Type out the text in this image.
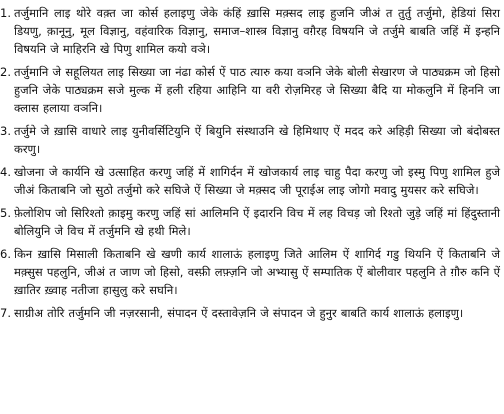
1. तर्जुमानि लाइ थोरे वक़्त जा कोर्स हलाइणु जेके कंहिं ख़ासि मक़्सद लाइ हुजनि जीअं त तुर्तु तर्जुमो, हेडियां सिरा डियणु, क़ानूनु, मूल विज्ञानु, वहंवारिक विज्ञानु, समाज–शास्त्र विज्ञानु वग़ैरह विषयनि जे तर्जुमे बाबति जहिं में इन्हनि विषयनि जे माहिरनि खे पिणु शामिल कयो वञे।
2. तर्जुमानि जे सहूलियत लाइ सिख्या जा नंढा कोर्स ऐं पाठ त्यारु कया वञनि जेके बोली सेखारण जे पाठ्यक्रम जो हिसो हुजनि जेके पाठ्यक्रम सजे मुल्क में हली रहिया आहिनि या वरी रोज़मिरह जे सिख्या बैदि या मोकलुनि में हिननि जा क्लास हलाया वञनि।
3. तर्जुमे जे ख़ासि वाधारे लाइ युनीवर्सिटियुनि ऐं बियुनि संस्थाउनि खे हिमिथाए ऐं मदद करे अहिड़ी सिख्या जो बंदोबस्त करणु।
4. खोजना जे कार्यनि खे उत्साहित करणु जहिं में शागिर्दन में खोजकार्य लाइ चाहु पैदा करणु जो इस्मु पिणु शामिल हुजे जीअं किताबनि जो सुठो तर्जुमो करे सघिजे ऐं सिख्या जे मक़्सद जी पूराईअ लाइ जोगो मवादु मुयसर करे सघिजे।
5. फ़ेलोशिप जो सिरिश्तो क़ाइमु करणु जहिं सां आलिमनि ऐं इदारनि विच में लह विचड़ जो रिश्तो जुड़े जहिं मां हिंदुस्तानी बोलियुनि जे विच में तर्जुमनि खे हथी मिले।
6. किन ख़ासि मिसाली किताबनि खे खणी कार्य शालाऊं हलाइणु जिते आलिम ऐं शागिर्द गडु थियनि ऐं किताबनि जे मक़्सुस पहलुनि, जीअं त जाण जो हिसो, वस्फ़ी लफ़्ज़नि जो अभ्यासु ऐं सम्पातिक ऐं बोलीवार पहलुनि ते ग़ौरु कनि ऐं ख़ातिर ख़्वाह नतीजा हासुलु करे सघनि।
7. साग्रीअ तोरि तर्जुमनि जी नज़रसानी, संपादन ऐं दस्तावेज़नि जे संपादन जे हुनुर बाबति कार्य शालाऊं हलाइणु।
